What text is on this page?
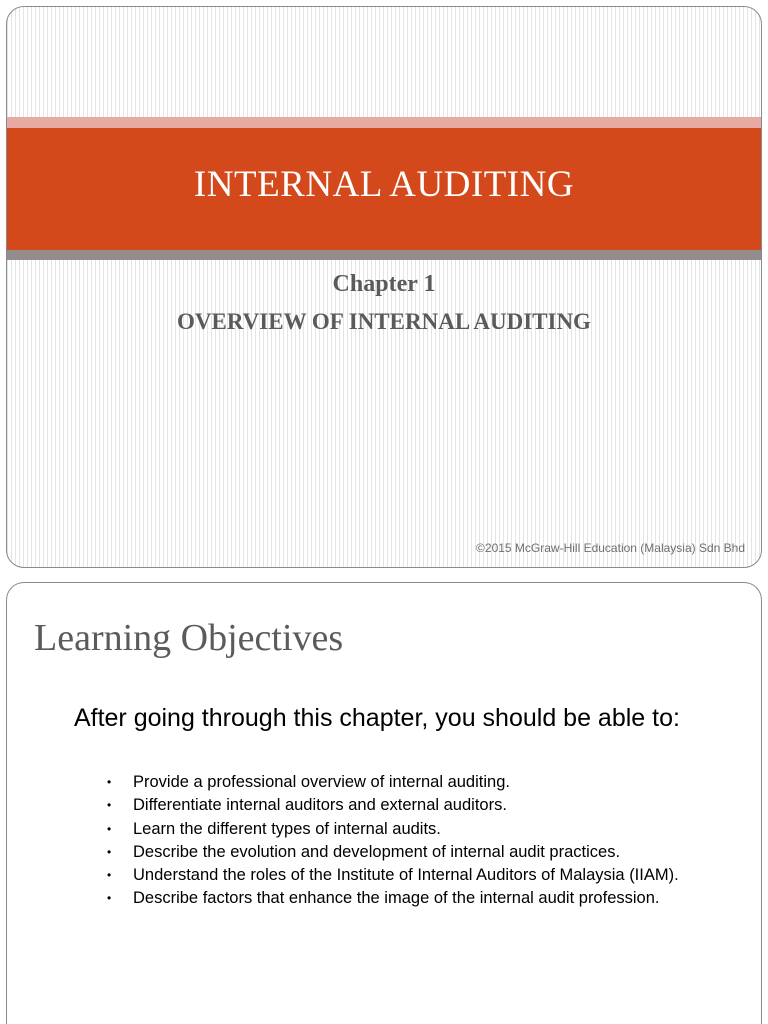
INTERNAL AUDITING
Chapter 1
OVERVIEW OF INTERNAL AUDITING
©2015 McGraw-Hill Education (Malaysia) Sdn Bhd
Learning Objectives
After going through this chapter, you should be able to:
• Provide a professional overview of internal auditing.
• Differentiate internal auditors and external auditors.
• Learn the different types of internal audits.
• Describe the evolution and development of internal audit practices.
• Understand the roles of the Institute of Internal Auditors of Malaysia (IIAM).
• Describe factors that enhance the image of the internal audit profession.
